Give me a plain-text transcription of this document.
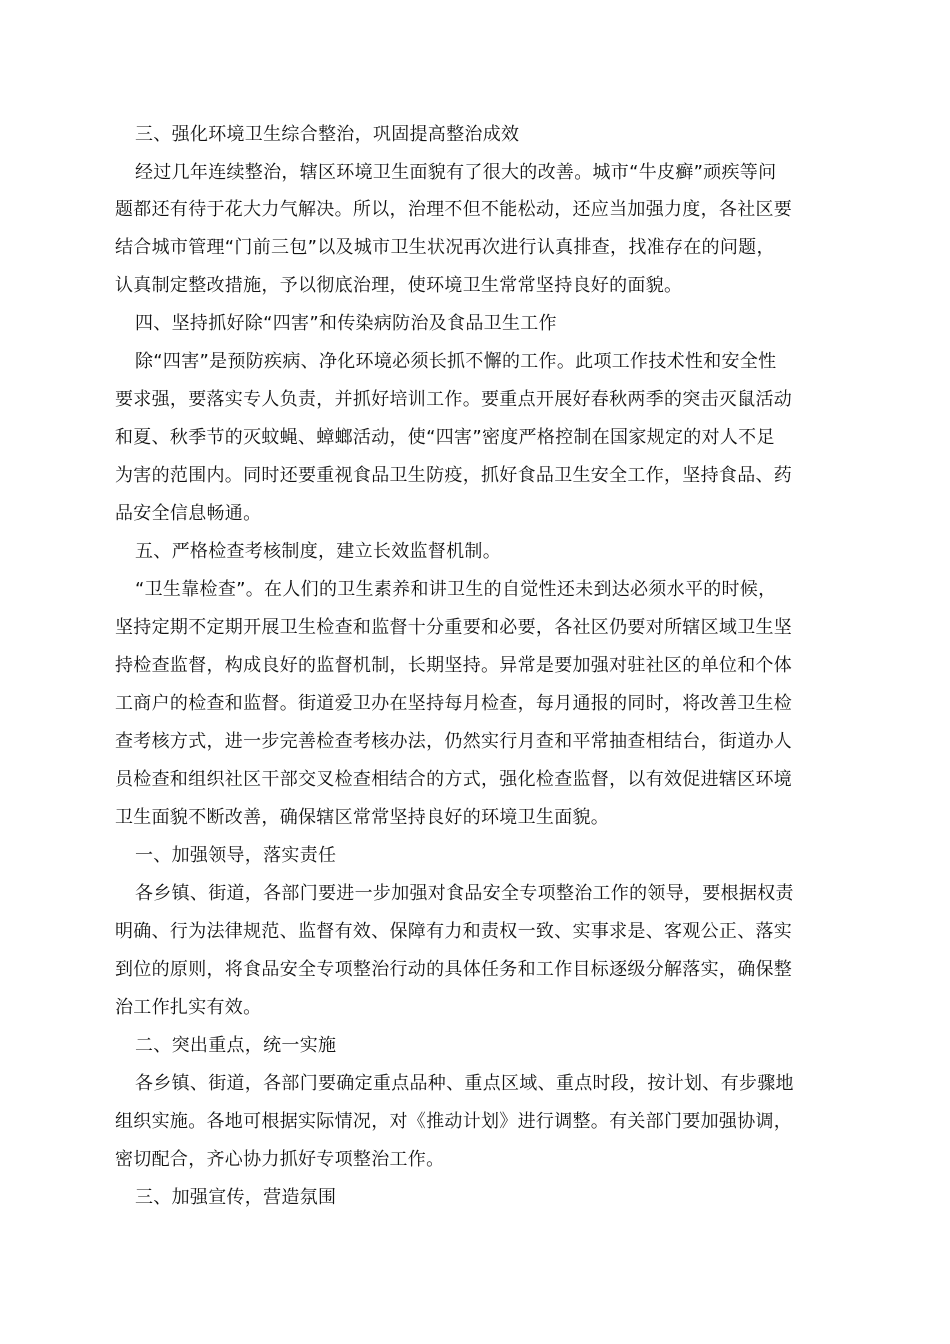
三、强化环境卫生综合整治，巩固提高整治成效

经过几年连续整治，辖区环境卫生面貌有了很大的改善。城市“牛皮癣”顽疾等问

题都还有待于花大力气解决。所以，治理不但不能松动，还应当加强力度，各社区要

结合城市管理“门前三包”以及城市卫生状况再次进行认真排查，找准存在的问题，

认真制定整改措施，予以彻底治理，使环境卫生常常坚持良好的面貌。

四、坚持抓好除“四害”和传染病防治及食品卫生工作

除“四害”是预防疾病、净化环境必须长抓不懈的工作。此项工作技术性和安全性

要求强，要落实专人负责，并抓好培训工作。要重点开展好春秋两季的突击灭鼠活动

和夏、秋季节的灭蚊蝇、蟑螂活动，使“四害”密度严格控制在国家规定的对人不足

为害的范围内。同时还要重视食品卫生防疫，抓好食品卫生安全工作，坚持食品、药

品安全信息畅通。

五、严格检查考核制度，建立长效监督机制。

“卫生靠检查”。在人们的卫生素养和讲卫生的自觉性还未到达必须水平的时候，

坚持定期不定期开展卫生检查和监督十分重要和必要，各社区仍要对所辖区域卫生坚

持检查监督，构成良好的监督机制，长期坚持。异常是要加强对驻社区的单位和个体

工商户的检查和监督。街道爱卫办在坚持每月检查，每月通报的同时，将改善卫生检

查考核方式，进一步完善检查考核办法，仍然实行月查和平常抽查相结台，街道办人

员检查和组织社区干部交叉检查相结合的方式，强化检查监督，以有效促进辖区环境

卫生面貌不断改善，确保辖区常常坚持良好的环境卫生面貌。

一、加强领导，落实责任

各乡镇、街道，各部门要进一步加强对食品安全专项整治工作的领导，要根据权责

明确、行为法律规范、监督有效、保障有力和责权一致、实事求是、客观公正、落实

到位的原则，将食品安全专项整治行动的具体任务和工作目标逐级分解落实，确保整

治工作扎实有效。

二、突出重点，统一实施

各乡镇、街道，各部门要确定重点品种、重点区域、重点时段，按计划、有步骤地

组织实施。各地可根据实际情况，对《推动计划》进行调整。有关部门要加强协调，

密切配合，齐心协力抓好专项整治工作。

三、加强宣传，营造氛围
